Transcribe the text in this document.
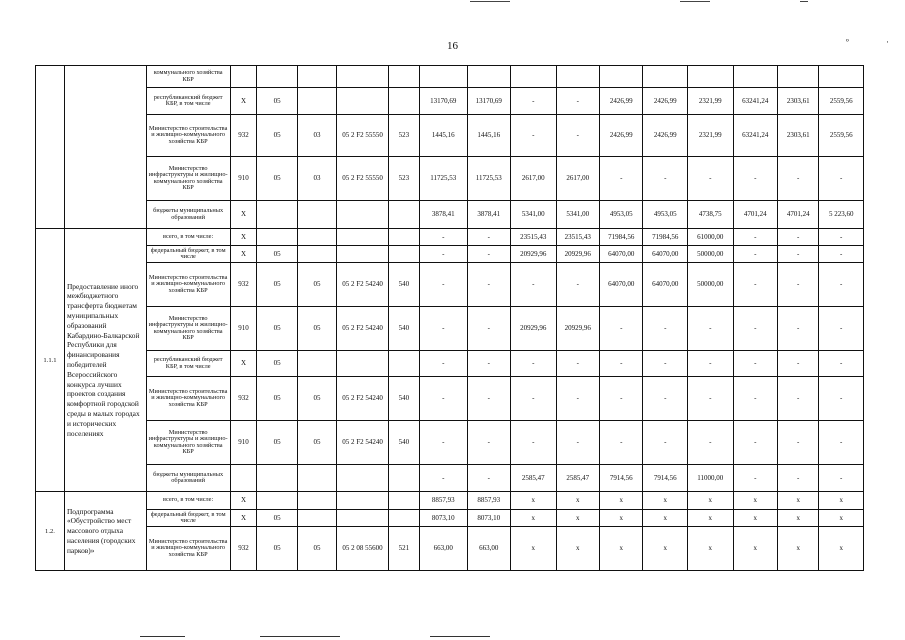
16	º	·
		коммунального хозяйства КБР															
		республиканский бюджет КБР, в том числе	X	05				13170,69	13170,69	-	-	2426,99	2426,99	2321,99	63241,24	2303,61	2559,56
		Министерство строительства и жилищно-коммунального хозяйства КБР	932	05	03	05 2 F2 55550	523	1445,16	1445,16	-	-	2426,99	2426,99	2321,99	63241,24	2303,61	2559,56
		Министерство инфраструктуры и жилищно-коммунального хозяйства КБР	910	05	03	05 2 F2 55550	523	11725,53	11725,53	2617,00	2617,00	-	-	-	-	-	-
		бюджеты муниципальных образований	X					3878,41	3878,41	5341,00	5341,00	4953,05	4953,05	4738,75	4701,24	4701,24	5 223,60
1.1.1	Предоставление иного межбюджетного трансферта бюджетам муниципальных образований Кабардино-Балкарской Республики для финансирования победителей Всероссийского конкурса лучших проектов создания комфортной городской среды в малых городах и исторических поселениях	всего, в том числе:	X					-	-	23515,43	23515,43	71984,56	71984,56	61000,00	-	-	-
		федеральный бюджет, в том числе	X	05				-	-	20929,96	20929,96	64070,00	64070,00	50000,00	-	-	-
		Министерство строительства и жилищно-коммунального хозяйства КБР	932	05	05	05 2 F2 54240	540	-	-	-	-	64070,00	64070,00	50000,00	-	-	-
		Министерство инфраструктуры и жилищно-коммунального хозяйства КБР	910	05	05	05 2 F2 54240	540	-	-	20929,96	20929,96	-	-	-	-	-	-
		республиканский бюджет КБР, в том числе	X	05				-	-	-	-	-	-	-	-	-	-
		Министерство строительства и жилищно-коммунального хозяйства КБР	932	05	05	05 2 F2 54240	540	-	-	-	-	-	-	-	-	-	-
		Министерство инфраструктуры и жилищно-коммунального хозяйства КБР	910	05	05	05 2 F2 54240	540	-	-	-	-	-	-	-	-	-	-
		бюджеты муниципальных образований						-	-	2585,47	2585,47	7914,56	7914,56	11000,00	-	-	-
1.2.	Подпрограмма «Обустройство мест массового отдыха населения (городских парков)»	всего, в том числе:	X					8857,93	8857,93	x	x	x	x	x	x	x	x
		федеральный бюджет, в том числе	X	05				8073,10	8073,10	x	x	x	x	x	x	x	x
		Министерство строительства и жилищно-коммунального хозяйства КБР	932	05	05	05 2 08 55600	521	663,00	663,00	x	x	x	x	x	x	x	x
